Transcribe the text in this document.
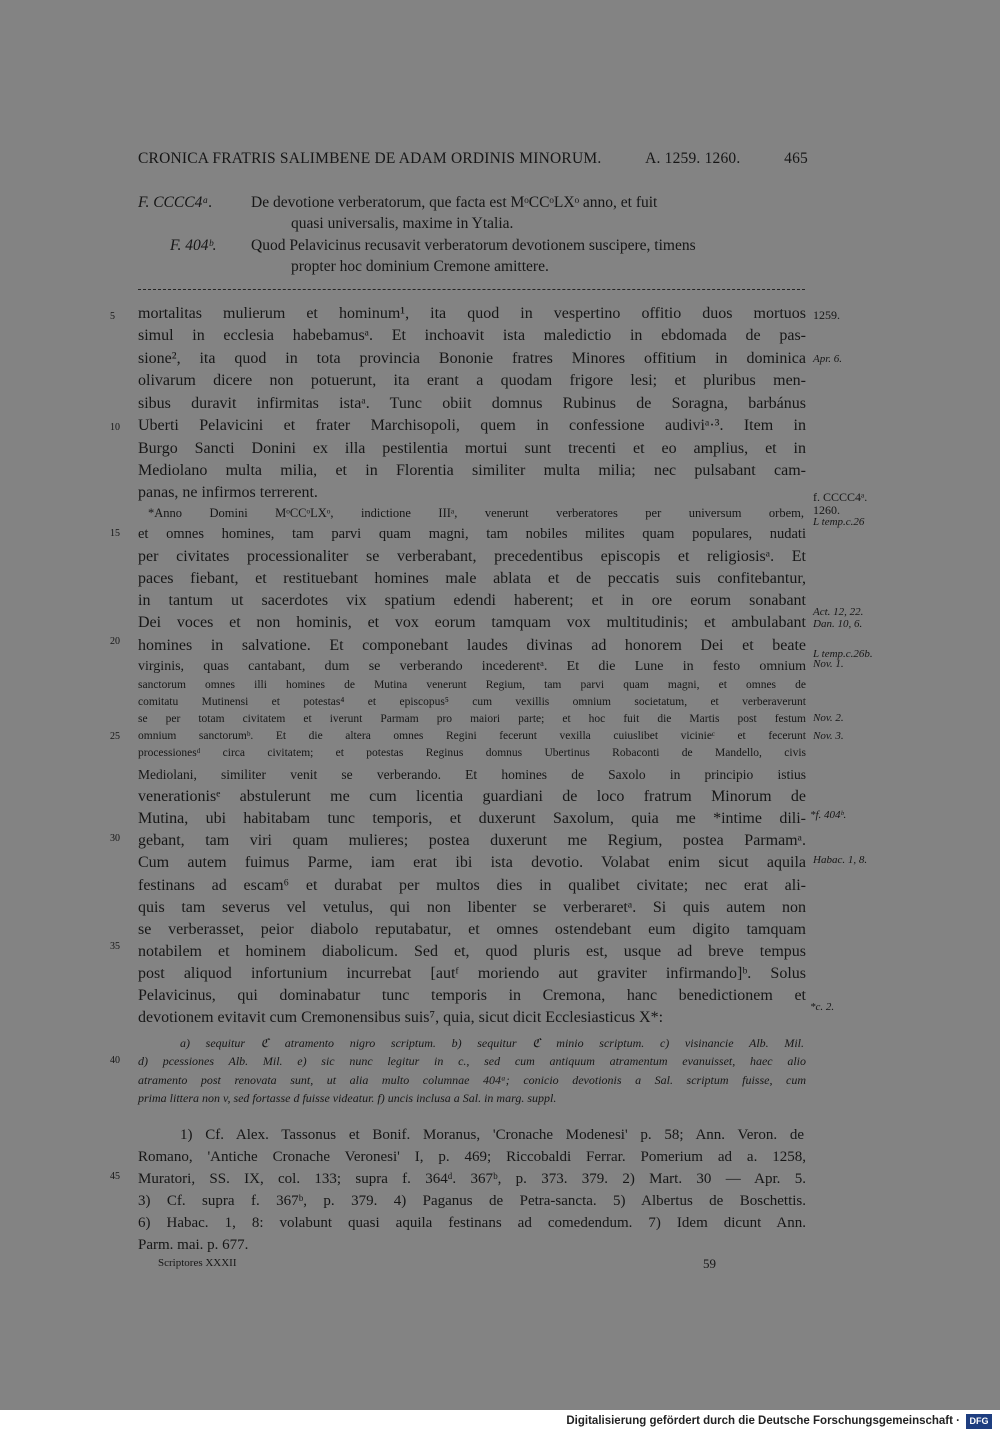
CRONICA FRATRIS SALIMBENE DE ADAM ORDINIS MINORUM.	A. 1259. 1260.	465
F. CCCC4ᵃ. De devotione verberatorum, que facta est MᵒCCᵒLXᵒ anno, et fuit
quasi universalis, maxime in Ytalia.
F. 404ᵇ. Quod Pelavicinus recusavit verberatorum devotionem suscipere, timens
propter hoc dominium Cremone amittere.
mortalitas mulierum et hominum¹, ita quod in vespertino offitio duos mortuos
simul in ecclesia habebamusᵃ. Et inchoavit ista maledictio in ebdomada de pas-
sione², ita quod in tota provincia Bononie fratres Minores offitium in dominica
olivarum dicere non potuerunt, ita erant a quodam frigore lesi; et pluribus men-
sibus duravit infirmitas istaᵃ. Tunc obiit domnus Rubinus de Soragna, barbánus
Uberti Pelavicini et frater Marchisopoli, quem in confessione audiviᵃ·³. Item in
Burgo Sancti Donini ex illa pestilentia mortui sunt trecenti et eo amplius, et in
Mediolano multa milia, et in Florentia similiter multa milia; nec pulsabant cam-
panas, ne infirmos terrerent.
*Anno Domini MᵒCCᵒLXᵒ, indictione IIIᵃ, venerunt verberatores per universum orbem,
et omnes homines, tam parvi quam magni, tam nobiles milites quam populares, nudati
per civitates processionaliter se verberabant, precedentibus episcopis et religiosisᵃ. Et
paces fiebant, et restituebant homines male ablata et de peccatis suis confitebantur,
in tantum ut sacerdotes vix spatium edendi haberent; et in ore eorum sonabant
Dei voces et non hominis, et vox eorum tamquam vox multitudinis; et ambulabant
homines in salvatione. Et componebant laudes divinas ad honorem Dei et beate
virginis, quas cantabant, dum se verberando incederentᵃ. Et die Lune in festo omnium
sanctorum omnes illi homines de Mutina venerunt Regium, tam parvi quam magni, et omnes de
comitatu Mutinensi et potestas⁴ et episcopus⁵ cum vexillis omnium societatum, et verberaverunt
se per totam civitatem et iverunt Parmam pro maiori parte; et hoc fuit die Martis post festum
omnium sanctorumᵇ. Et die altera omnes Regini fecerunt vexilla cuiuslibet vicinieᶜ et fecerunt
processionesᵈ circa civitatem; et potestas Reginus domnus Ubertinus Robaconti de Mandello, civis
Mediolani, similiter venit se verberando. Et homines de Saxolo in principio istius
venerationisᵉ abstulerunt me cum licentia guardiani de loco fratrum Minorum de
Mutina, ubi habitabam tunc temporis, et duxerunt Saxolum, quia me *intime dili-
gebant, tam viri quam mulieres; postea duxerunt me Regium, postea Parmamᵃ.
Cum autem fuimus Parme, iam erat ibi ista devotio. Volabat enim sicut aquila
festinans ad escam⁶ et durabat per multos dies in qualibet civitate; nec erat ali-
quis tam severus vel vetulus, qui non libenter se verberaretᵃ. Si quis autem non
se verberasset, peior diabolo reputabatur, et omnes ostendebant eum digito tamquam
notabilem et hominem diabolicum. Sed et, quod pluris est, usque ad breve tempus
post aliquod infortunium incurrebat [autᶠ moriendo aut graviter infirmando]ᵇ. Solus
Pelavicinus, qui dominabatur tunc temporis in Cremona, hanc benedictionem et
devotionem evitavit cum Cremonensibus suis⁷, quia, sicut dicit Ecclesiasticus X*:
5
10
15
20
25
30
35
40
45
1259.
Apr. 6.
f. CCCC4ᵃ.
1260.
L temp.c.26
Act. 12, 22.
Dan. 10, 6.
L temp.c.26b.
Nov. 1.
Nov. 2.
Nov. 3.
*f. 404ᵇ.
Habac. 1, 8.
*c. 2.
a) sequitur ℭ atramento nigro scriptum. b) sequitur ℭ minio scriptum. c) visinancie Alb. Mil.
d) pcessiones Alb. Mil. e) sic nunc legitur in c., sed cum antiquum atramentum evanuisset, haec alio
atramento post renovata sunt, ut alia multo columnae 404ᵃ; conicio devotionis a Sal. scriptum fuisse, cum
prima littera non v, sed fortasse d fuisse videatur. f) uncis inclusa a Sal. in marg. suppl.
1) Cf. Alex. Tassonus et Bonif. Moranus, 'Cronache Modenesi' p. 58; Ann. Veron. de
Romano, 'Antiche Cronache Veronesi' I, p. 469; Riccobaldi Ferrar. Pomerium ad a. 1258,
Muratori, SS. IX, col. 133; supra f. 364ᵈ. 367ᵇ, p. 373. 379. 2) Mart. 30 — Apr. 5.
3) Cf. supra f. 367ᵇ, p. 379. 4) Paganus de Petra-sancta. 5) Albertus de Boschettis.
6) Habac. 1, 8: volabunt quasi aquila festinans ad comedendum. 7) Idem dicunt Ann.
Parm. mai. p. 677.
Scriptores XXXII	59
Digitalisierung gefördert durch die Deutsche Forschungsgemeinschaft ·	DFG
